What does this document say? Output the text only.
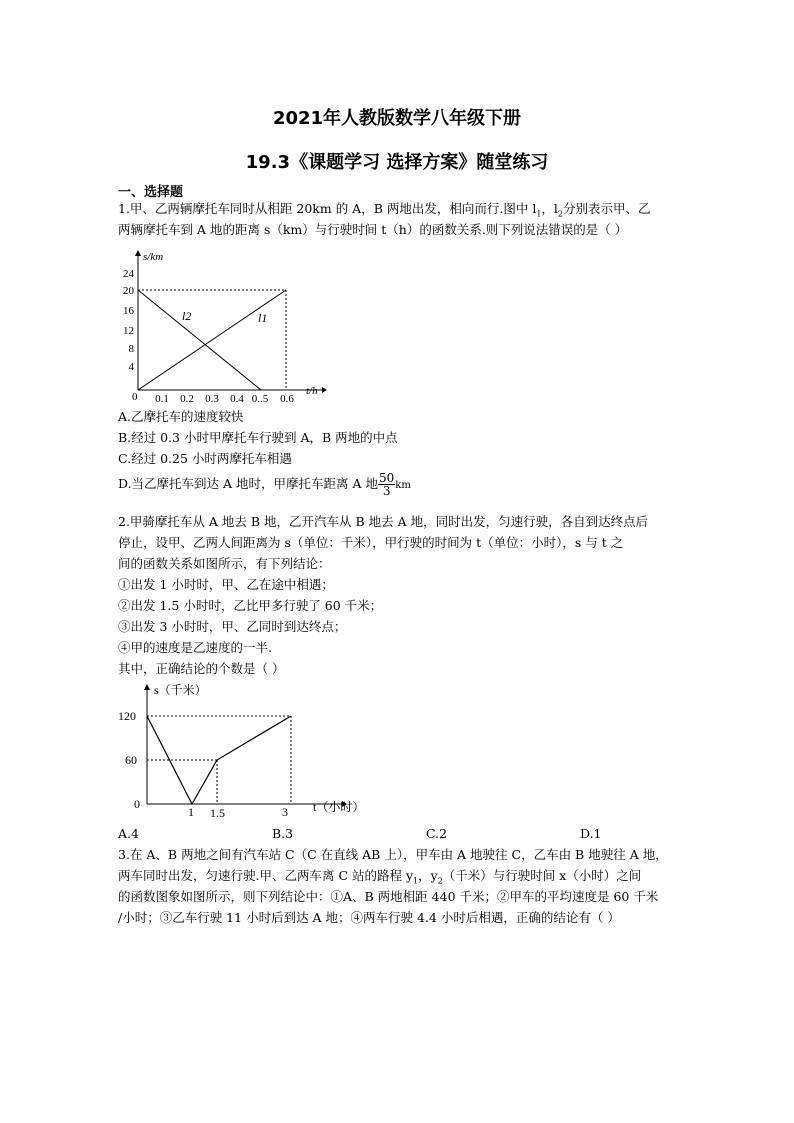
2021年人教版数学八年级下册
19.3《课题学习 选择方案》随堂练习
一、选择题
1.甲、乙两辆摩托车同时从相距 20km 的 A，B 两地出发，相向而行.图中 $l_1$，$l_2$分别表示甲、乙
两辆摩托车到 A 地的距离 s（km）与行驶时间 t（h）的函数关系.则下列说法错误的是（ ）
24
20
16
12
8
4
0 0.1 0.2 0.3 0.4 0..5 0.6
s/km
t/h
l2	l1
A.乙摩托车的速度较快
B.经过 0.3 小时甲摩托车行驶到 A，B 两地的中点
C.经过 0.25 小时两摩托车相遇
D.当乙摩托车到达 A 地时，甲摩托车距离 A 地 $\frac{50}{3}$ km
2.甲骑摩托车从 A 地去 B 地，乙开汽车从 B 地去 A 地，同时出发，匀速行驶，各自到达终点后
停止，设甲、乙两人间距离为 s（单位：千米），甲行驶的时间为 t（单位：小时），s 与 t 之
间的函数关系如图所示，有下列结论：
①出发 1 小时时，甲、乙在途中相遇；
②出发 1.5 小时时，乙比甲多行驶了 60 千米；
③出发 3 小时时，甲、乙同时到达终点；
④甲的速度是乙速度的一半.
其中，正确结论的个数是（ ）
120
60
0
1 1.5	3
s（千米）
t（小时）
A.4	B.3	C.2	D.1
3.在 A、B 两地之间有汽车站 C（C 在直线 AB 上），甲车由 A 地驶往 C，乙车由 B 地驶往 A 地，
两车同时出发，匀速行驶.甲、乙两车离 C 站的路程 $y_1$，$y_2$（千米）与行驶时间 x（小时）之间
的函数图象如图所示，则下列结论中：①A、B 两地相距 440 千米；②甲车的平均速度是 60 千米
/小时；③乙车行驶 11 小时后到达 A 地；④两车行驶 4.4 小时后相遇，正确的结论有（ ）
